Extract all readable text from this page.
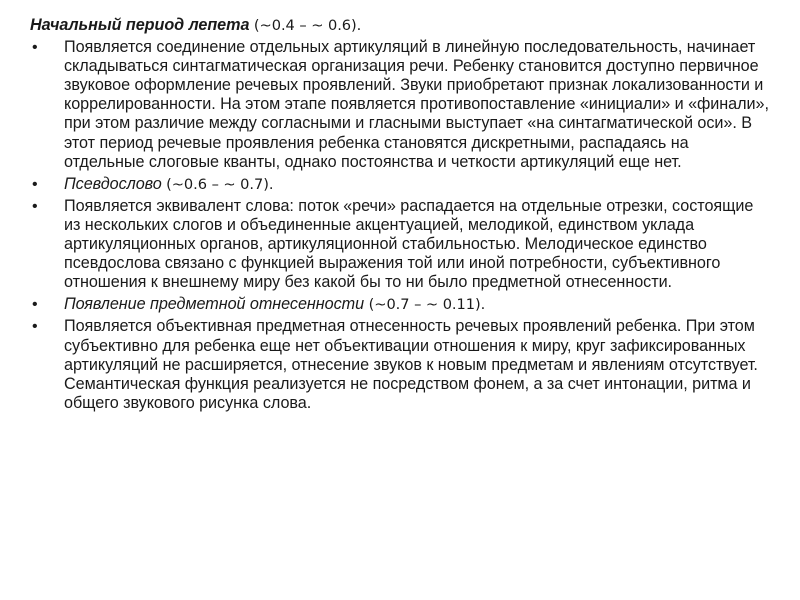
Начальный период лепета (~0.4 – ~ 0.6).

• Появляется соединение отдельных артикуляций в линейную последовательность, начинает складываться синтагматическая организация речи. Ребенку становится доступно первичное звуковое оформление речевых проявлений. Звуки приобретают признак локализованности и коррелированности. На этом этапе появляется противопоставление «инициали» и «финали», при этом различие между согласными и гласными выступает «на синтагматической оси». В этот период речевые проявления ребенка становятся дискретными, распадаясь на отдельные слоговые кванты, однако постоянства и четкости артикуляций еще нет.
• Псевдослово (~0.6 – ~ 0.7).
• Появляется эквивалент слова: поток «речи» распадается на отдельные отрезки, состоящие из нескольких слогов и объединенные акцентуацией, мелодикой, единством уклада артикуляционных органов, артикуляционной стабильностью. Мелодическое единство псевдослова связано с функцией выражения той или иной потребности, субъективного отношения к внешнему миру без какой бы то ни было предметной отнесенности.
• Появление предметной отнесенности (~0.7 – ~ 0.11).
• Появляется объективная предметная отнесенность речевых проявлений ребенка. При этом субъективно для ребенка еще нет объективации отношения к миру, круг зафиксированных артикуляций не расширяется, отнесение звуков к новым предметам и явлениям отсутствует. Семантическая функция реализуется не посредством фонем, а за счет интонации, ритма и общего звукового рисунка слова.
